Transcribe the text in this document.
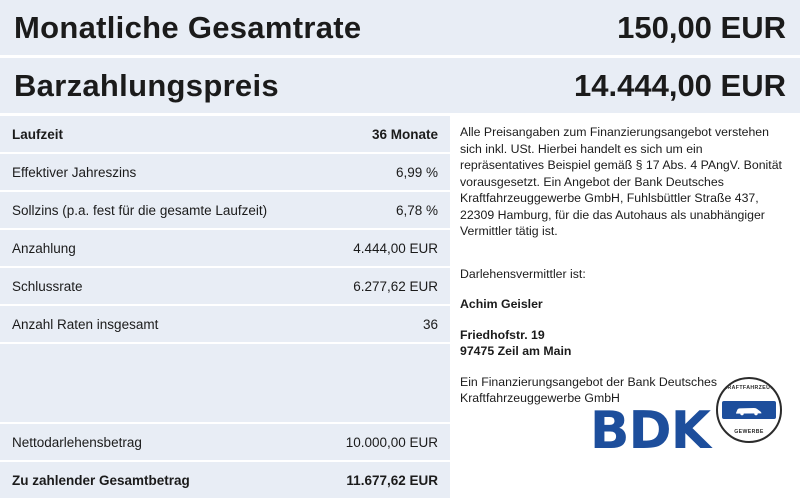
Monatliche Gesamtrate	150,00 EUR
Barzahlungspreis	14.444,00 EUR
Laufzeit	36 Monate
Effektiver Jahreszins	6,99 %
Sollzins (p.a. fest für die gesamte Laufzeit)	6,78 %
Anzahlung	4.444,00 EUR
Schlussrate	6.277,62 EUR
Anzahl Raten insgesamt	36
Nettodarlehensbetrag	10.000,00 EUR
Zu zahlender Gesamtbetrag	11.677,62 EUR

Alle Preisangaben zum Finanzierungsangebot verstehen sich inkl. USt. Hierbei handelt es sich um ein repräsentatives Beispiel gemäß § 17 Abs. 4 PAngV. Bonität vorausgesetzt. Ein Angebot der Bank Deutsches Kraftfahrzeuggewerbe GmbH, Fuhlsbüttler Straße 437, 22309 Hamburg, für die das Autohaus als unabhängiger Vermittler tätig ist.

Darlehensvermittler ist:

Achim Geisler

Friedhofstr. 19

97475 Zeil am Main

Ein Finanzierungsangebot der Bank Deutsches Kraftfahrzeuggewerbe GmbH

BDK
KRAFTFAHRZEUG
GEWERBE
